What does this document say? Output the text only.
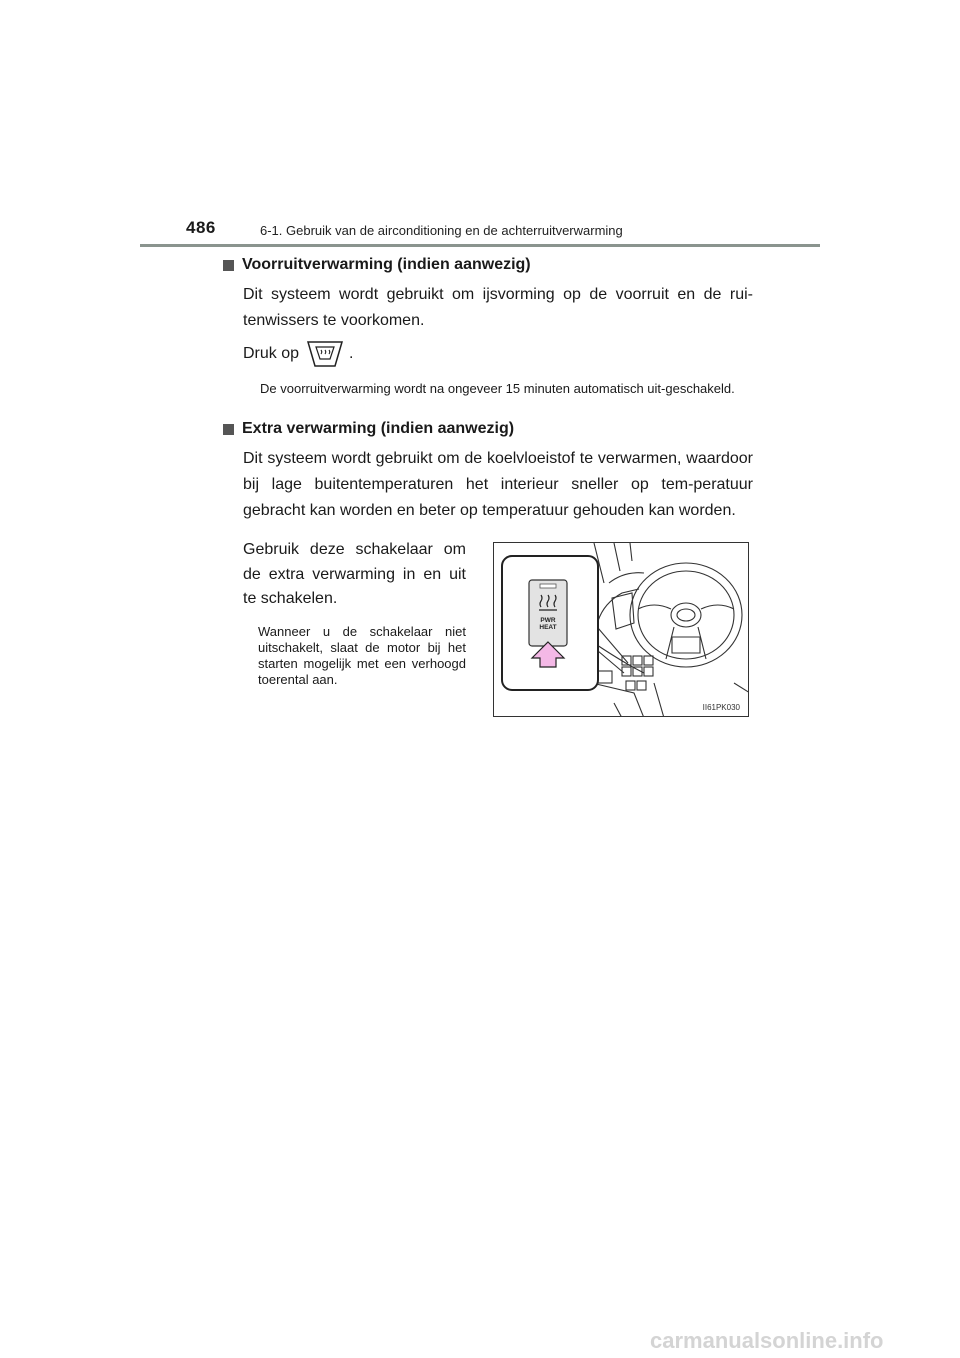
486	6-1. Gebruik van de airconditioning en de achterruitverwarming
Voorruitverwarming (indien aanwezig)
Dit systeem wordt gebruikt om ijsvorming op de voorruit en de rui-tenwissers te voorkomen.
Druk op	.
De voorruitverwarming wordt na ongeveer 15 minuten automatisch uit-geschakeld.
Extra verwarming (indien aanwezig)
Dit systeem wordt gebruikt om de koelvloeistof te verwarmen, waardoor bij lage buitentemperaturen het interieur sneller op tem-peratuur gebracht kan worden en beter op temperatuur gehouden kan worden.
Gebruik deze schakelaar om de extra verwarming in en uit te schakelen.
Wanneer u de schakelaar niet uitschakelt, slaat de motor bij het starten mogelijk met een verhoogd toerental aan.
PWR
HEAT
II61PK030
carmanualsonline.info
